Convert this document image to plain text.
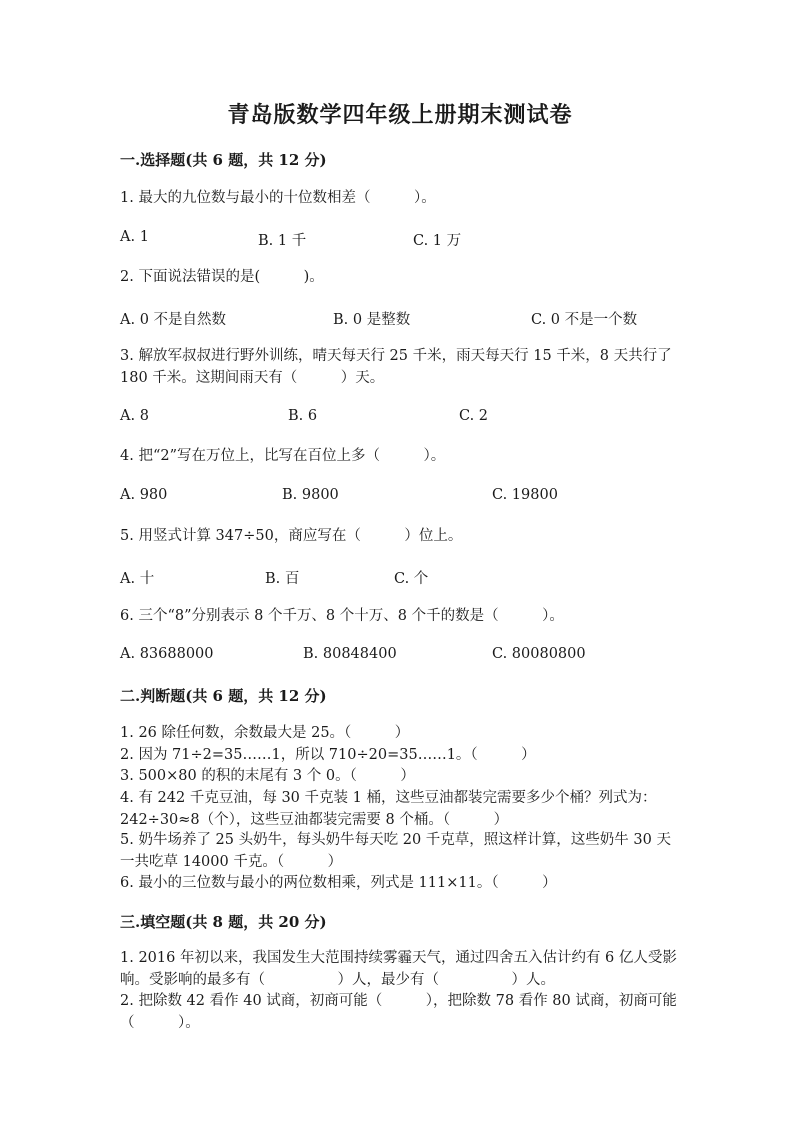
青岛版数学四年级上册期末测试卷
一.选择题(共 6 题，共 12 分)
1. 最大的九位数与最小的十位数相差（　　　）。
A. 1	B. 1 千	C. 1 万
2. 下面说法错误的是(　　　)。
A. 0 不是自然数	B. 0 是整数	C. 0 不是一个数
3. 解放军叔叔进行野外训练，晴天每天行 25 千米，雨天每天行 15 千米，8 天共行了 180 千米。这期间雨天有（　　　）天。
A. 8	B. 6	C. 2
4. 把“2”写在万位上，比写在百位上多（　　　）。
A. 980	B. 9800	C. 19800
5. 用竖式计算 347÷50，商应写在（　　　）位上。
A. 十	B. 百	C. 个
6. 三个“8”分别表示 8 个千万、8 个十万、8 个千的数是（　　　）。
A. 83688000	B. 80848400	C. 80080800
二.判断题(共 6 题，共 12 分)
1. 26 除任何数，余数最大是 25。（　　　）
2. 因为 71÷2=35……1，所以 710÷20=35……1。（　　　）
3. 500×80 的积的末尾有 3 个 0。（　　　）
4. 有 242 千克豆油，每 30 千克装 1 桶，这些豆油都装完需要多少个桶？列式为：242÷30≈8（个），这些豆油都装完需要 8 个桶。（　　　）
5. 奶牛场养了 25 头奶牛，每头奶牛每天吃 20 千克草，照这样计算，这些奶牛 30 天一共吃草 14000 千克。（　　　）
6. 最小的三位数与最小的两位数相乘，列式是 111×11。（　　　）
三.填空题(共 8 题，共 20 分)
1. 2016 年初以来，我国发生大范围持续雾霾天气，通过四舍五入估计约有 6 亿人受影响。受影响的最多有（　　　　　）人，最少有（　　　　　）人。
2. 把除数 42 看作 40 试商，初商可能（　　　），把除数 78 看作 80 试商，初商可能（　　　）。
